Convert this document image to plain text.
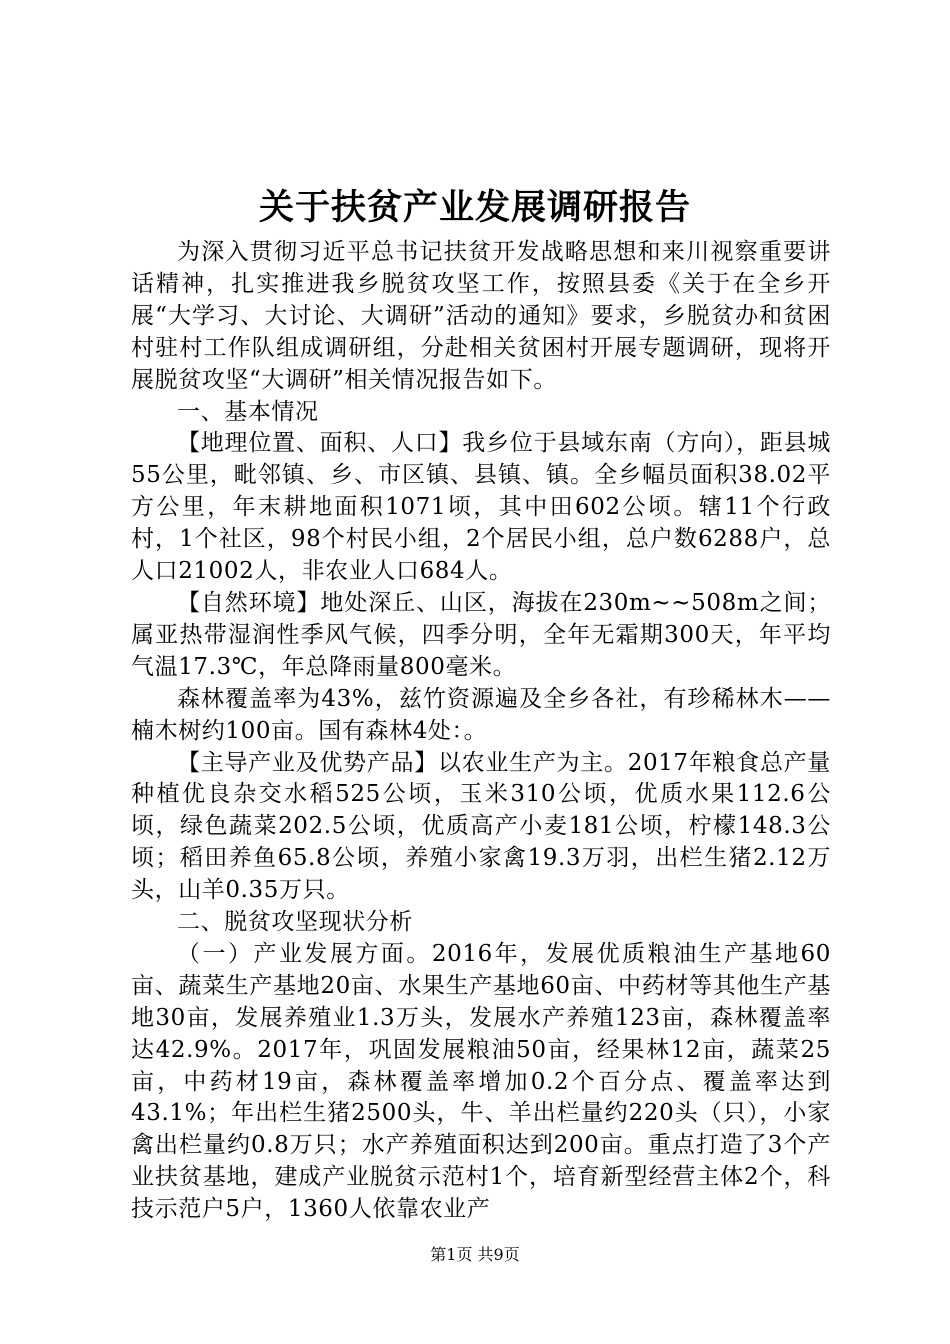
关于扶贫产业发展调研报告

为深入贯彻习近平总书记扶贫开发战略思想和来川视察重要讲话精神，扎实推进我乡脱贫攻坚工作，按照县委《关于在全乡开展“大学习、大讨论、大调研”活动的通知》要求，乡脱贫办和贫困村驻村工作队组成调研组，分赴相关贫困村开展专题调研，现将开展脱贫攻坚“大调研”相关情况报告如下。

一、基本情况

【地理位置、面积、人口】我乡位于县域东南（方向），距县城55公里，毗邻镇、乡、市区镇、县镇、镇。全乡幅员面积38.02平方公里，年末耕地面积1071顷，其中田602公顷。辖11个行政村，1个社区，98个村民小组，2个居民小组，总户数6288户，总人口21002人，非农业人口684人。

【自然环境】地处深丘、山区，海拔在230m~~508m之间；属亚热带湿润性季风气候，四季分明，全年无霜期300天，年平均气温17.3℃，年总降雨量800毫米。

森林覆盖率为43%，兹竹资源遍及全乡各社，有珍稀林木——楠木树约100亩。国有森林4处：。

【主导产业及优势产品】以农业生产为主。2017年粮食总产量种植优良杂交水稻525公顷，玉米310公顷，优质水果112.6公顷，绿色蔬菜202.5公顷，优质高产小麦181公顷，柠檬148.3公顷；稻田养鱼65.8公顷，养殖小家禽19.3万羽，出栏生猪2.12万头，山羊0.35万只。

二、脱贫攻坚现状分析

（一）产业发展方面。2016年，发展优质粮油生产基地60亩、蔬菜生产基地20亩、水果生产基地60亩、中药材等其他生产基地30亩，发展养殖业1.3万头，发展水产养殖123亩，森林覆盖率达42.9%。2017年，巩固发展粮油50亩，经果林12亩，蔬菜25亩，中药材19亩，森林覆盖率增加0.2个百分点、覆盖率达到43.1%；年出栏生猪2500头，牛、羊出栏量约220头（只），小家禽出栏量约0.8万只；水产养殖面积达到200亩。重点打造了3个产业扶贫基地，建成产业脱贫示范村1个，培育新型经营主体2个，科技示范户5户，1360人依靠农业产

第1页 共9页
